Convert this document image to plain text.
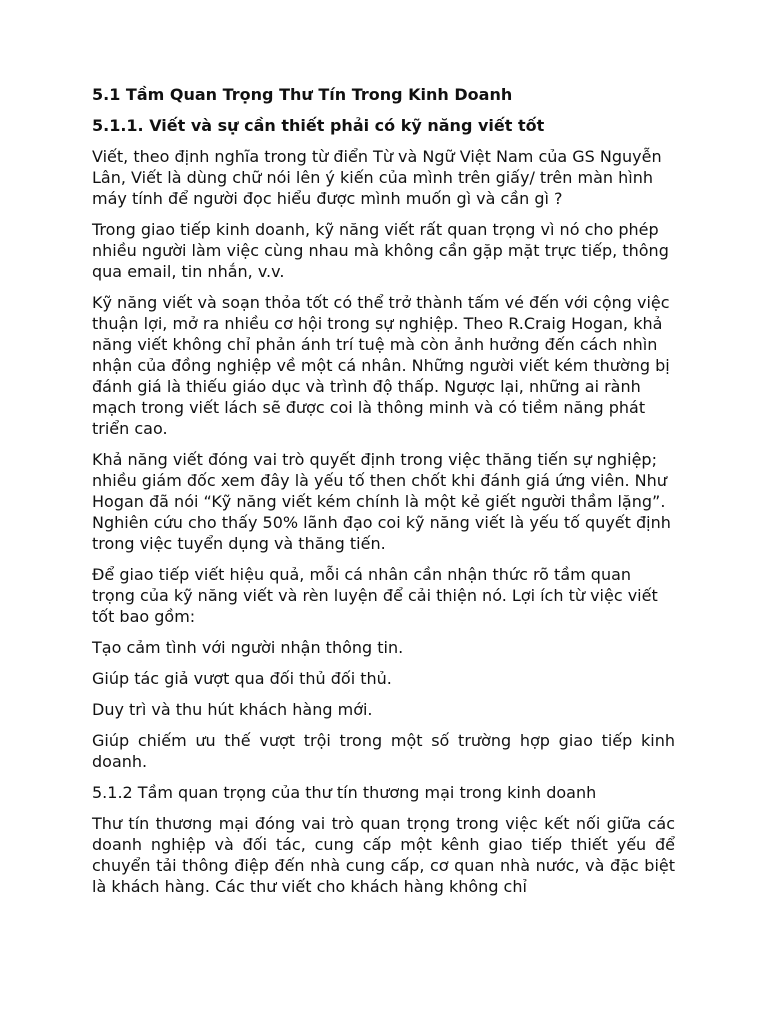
5.1 Tầm Quan Trọng Thư Tín Trong Kinh Doanh
5.1.1. Viết và sự cần thiết phải có kỹ năng viết tốt

Viết, theo định nghĩa trong từ điển Từ và Ngữ Việt Nam của GS Nguyễn Lân, Viết là dùng chữ nói lên ý kiến của mình trên giấy/ trên màn hình máy tính để người đọc hiểu được mình muốn gì và cần gì ?

Trong giao tiếp kinh doanh, kỹ năng viết rất quan trọng vì nó cho phép nhiều người làm việc cùng nhau mà không cần gặp mặt trực tiếp, thông qua email, tin nhắn, v.v.

Kỹ năng viết và soạn thỏa tốt có thể trở thành tấm vé đến với cộng việc thuận lợi, mở ra nhiều cơ hội trong sự nghiệp. Theo R.Craig Hogan, khả năng viết không chỉ phản ánh trí tuệ mà còn ảnh hưởng đến cách nhìn nhận của đồng nghiệp về một cá nhân. Những người viết kém thường bị đánh giá là thiếu giáo dục và trình độ thấp. Ngược lại, những ai rành mạch trong viết lách sẽ được coi là thông minh và có tiềm năng phát triển cao.

Khả năng viết đóng vai trò quyết định trong việc thăng tiến sự nghiệp; nhiều giám đốc xem đây là yếu tố then chốt khi đánh giá ứng viên. Như Hogan đã nói “Kỹ năng viết kém chính là một kẻ giết người thầm lặng”. Nghiên cứu cho thấy 50% lãnh đạo coi kỹ năng viết là yếu tố quyết định trong việc tuyển dụng và thăng tiến.

Để giao tiếp viết hiệu quả, mỗi cá nhân cần nhận thức rõ tầm quan trọng của kỹ năng viết và rèn luyện để cải thiện nó. Lợi ích từ việc viết tốt bao gồm:

Tạo cảm tình với người nhận thông tin.

Giúp tác giả vượt qua đối thủ đối thủ.

Duy trì và thu hút khách hàng mới.

Giúp chiếm ưu thế vượt trội trong một số trường hợp giao tiếp kinh doanh.

5.1.2 Tầm quan trọng của thư tín thương mại trong kinh doanh

Thư tín thương mại đóng vai trò quan trọng trong việc kết nối giữa các doanh nghiệp và đối tác, cung cấp một kênh giao tiếp thiết yếu để chuyển tải thông điệp đến nhà cung cấp, cơ quan nhà nước, và đặc biệt là khách hàng. Các thư viết cho khách hàng không chỉ
